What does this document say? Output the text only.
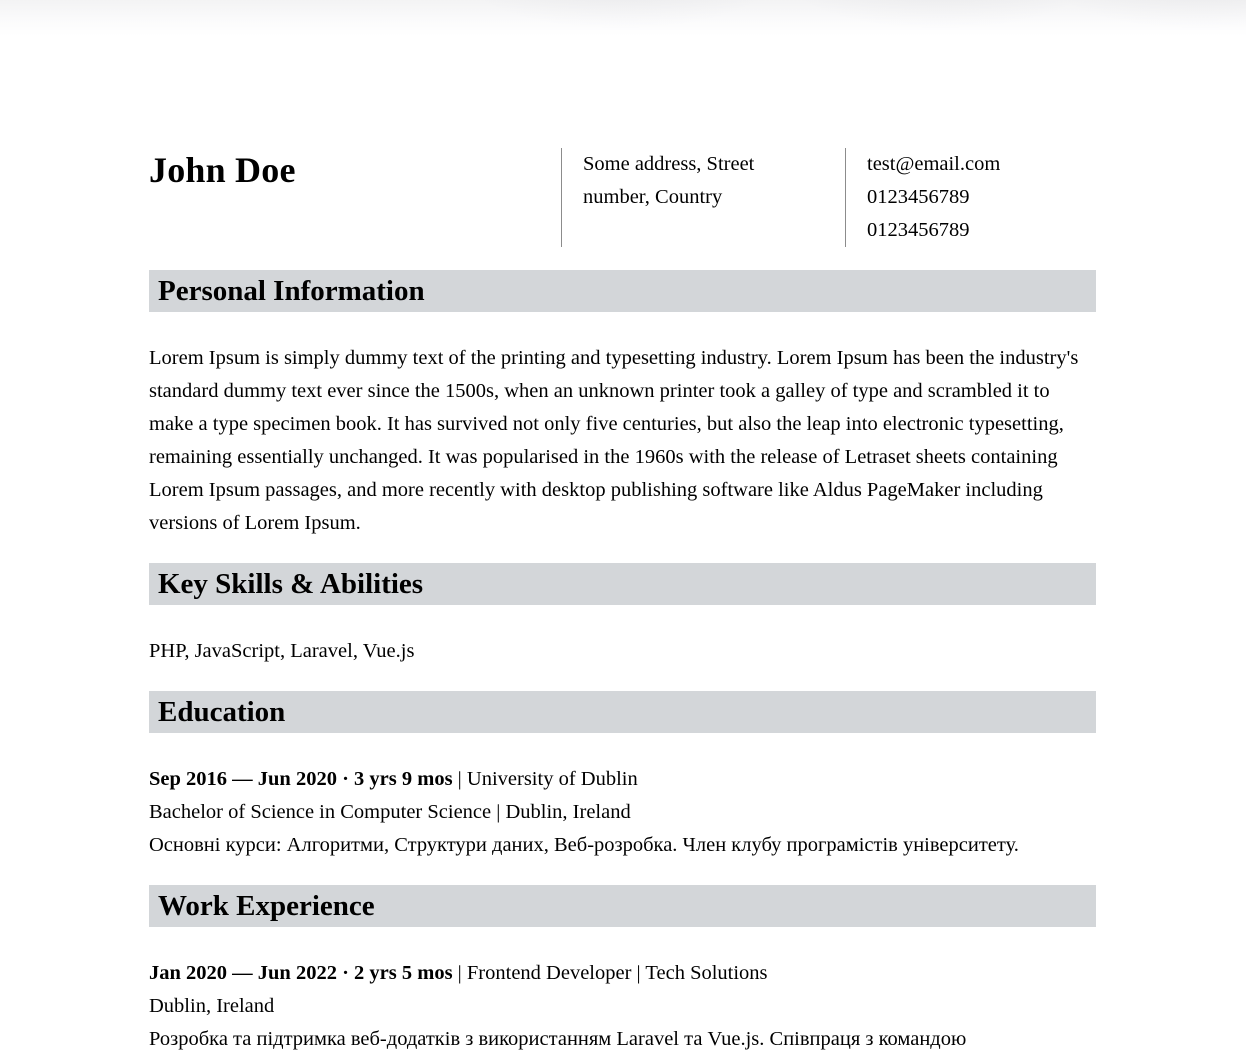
John Doe	Some address, Street number, Country

test@email.com
0123456789
0123456789
Personal Information

Lorem Ipsum is simply dummy text of the printing and typesetting industry. Lorem Ipsum has been the industry's standard dummy text ever since the 1500s, when an unknown printer took a galley of type and scrambled it to make a type specimen book. It has survived not only five centuries, but also the leap into electronic typesetting, remaining essentially unchanged. It was popularised in the 1960s with the release of Letraset sheets containing Lorem Ipsum passages, and more recently with desktop publishing software like Aldus PageMaker including versions of Lorem Ipsum.

Key Skills & Abilities

PHP, JavaScript, Laravel, Vue.js

Education
Sep 2016 — Jun 2020 · 3 yrs 9 mos | University of Dublin
Bachelor of Science in Computer Science | Dublin, Ireland
Основні курси: Алгоритми, Структури даних, Веб-розробка. Член клубу програмістів університету.
Work Experience
Jan 2020 — Jun 2022 · 2 yrs 5 mos | Frontend Developer | Tech Solutions
Dublin, Ireland
Розробка та підтримка веб-додатків з використанням Laravel та Vue.js. Співпраця з командою
